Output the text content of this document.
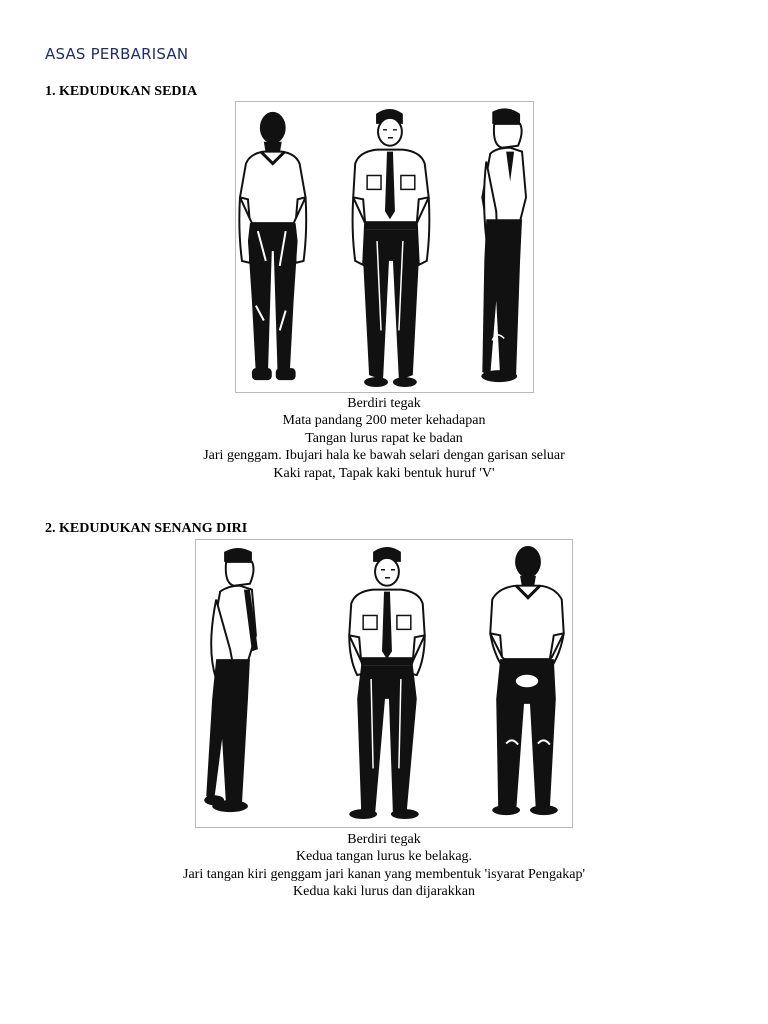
ASAS PERBARISAN
1. KEDUDUKAN SEDIA
Berdiri tegak
Mata pandang 200 meter kehadapan
Tangan lurus rapat ke badan
Jari genggam. Ibujari hala ke bawah selari dengan garisan seluar
Kaki rapat, Tapak kaki bentuk huruf 'V'
2. KEDUDUKAN SENANG DIRI
Berdiri tegak
Kedua tangan lurus ke belakag.
Jari tangan kiri genggam jari kanan yang membentuk 'isyarat Pengakap'
Kedua kaki lurus dan dijarakkan
